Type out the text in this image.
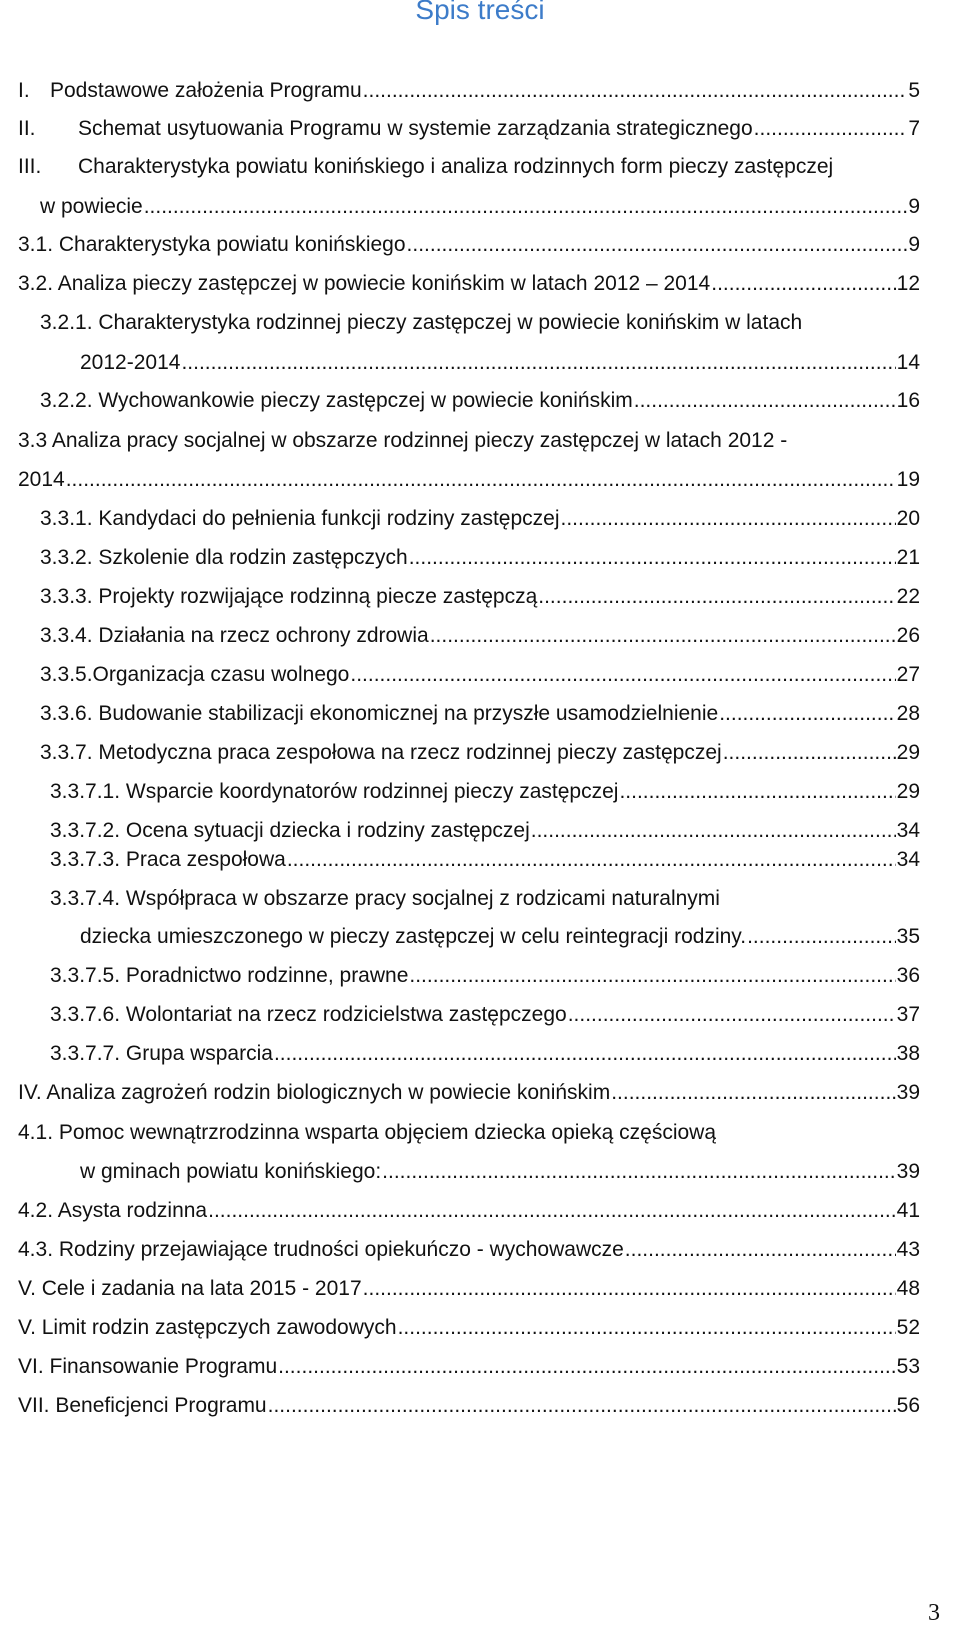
Spis treści
I. Podstawowe założenia Programu .....	5
II. Schemat usytuowania Programu w systemie zarządzania strategicznego .....	7
III. Charakterystyka powiatu konińskiego i analiza rodzinnych form pieczy zastępczej
w powiecie .....	9
3.1. Charakterystyka powiatu konińskiego .....	9
3.2. Analiza pieczy zastępczej w powiecie konińskim w latach 2012 – 2014 .....	12
3.2.1. Charakterystyka rodzinnej pieczy zastępczej w powiecie konińskim w latach
2012-2014 .....	14
3.2.2. Wychowankowie pieczy zastępczej w powiecie konińskim .....	16
3.3 Analiza pracy socjalnej w obszarze rodzinnej pieczy zastępczej w latach 2012 -
2014 .....	19
3.3.1. Kandydaci do pełnienia funkcji rodziny zastępczej .....	20
3.3.2. Szkolenie dla rodzin zastępczych .....	21
3.3.3. Projekty rozwijające rodzinną piecze zastępczą .....	22
3.3.4. Działania na rzecz ochrony zdrowia .....	26
3.3.5.Organizacja czasu wolnego .....	27
3.3.6. Budowanie stabilizacji ekonomicznej na przyszłe usamodzielnienie .....	28
3.3.7. Metodyczna praca zespołowa na rzecz rodzinnej pieczy zastępczej .....	29
3.3.7.1. Wsparcie koordynatorów rodzinnej pieczy zastępczej .....	29
3.3.7.2. Ocena sytuacji dziecka i rodziny zastępczej .....	34
3.3.7.3. Praca zespołowa .....	34
3.3.7.4. Współpraca w obszarze pracy socjalnej z rodzicami naturalnymi
dziecka umieszczonego w pieczy zastępczej w celu reintegracji rodziny. .....	35
3.3.7.5. Poradnictwo rodzinne, prawne .....	36
3.3.7.6. Wolontariat na rzecz rodzicielstwa zastępczego .....	37
3.3.7.7. Grupa wsparcia .....	38
IV. Analiza zagrożeń rodzin biologicznych w powiecie konińskim .....	39
4.1. Pomoc wewnątrzrodzinna wsparta objęciem dziecka opieką częściową
w gminach powiatu konińskiego: .....	39
4.2. Asysta rodzinna .....	41
4.3. Rodziny przejawiające trudności opiekuńczo - wychowawcze .....	43
V. Cele i zadania na lata 2015 - 2017 .....	48
V. Limit rodzin zastępczych zawodowych .....	52
VI. Finansowanie Programu .....	53
VII. Beneficjenci Programu .....	56
3
